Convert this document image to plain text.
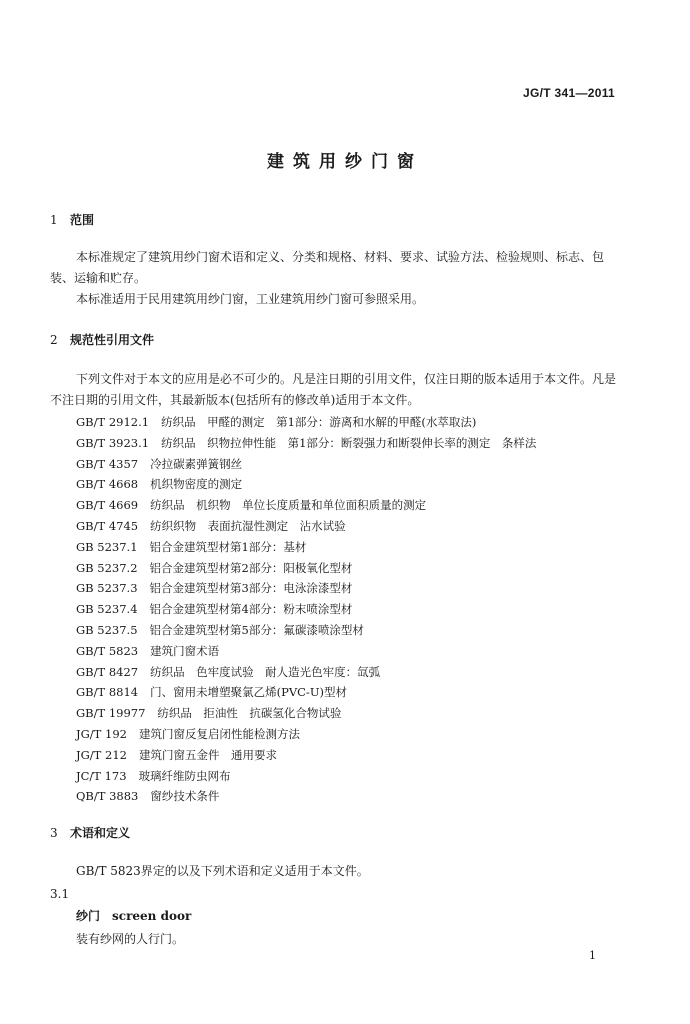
JG/T 341—2011
建筑用纱门窗
1 范围
本标准规定了建筑用纱门窗术语和定义、分类和规格、材料、要求、试验方法、检验规则、标志、包装、运输和贮存。
本标准适用于民用建筑用纱门窗，工业建筑用纱门窗可参照采用。
2 规范性引用文件
下列文件对于本文的应用是必不可少的。凡是注日期的引用文件，仅注日期的版本适用于本文件。凡是不注日期的引用文件，其最新版本(包括所有的修改单)适用于本文件。
GB/T 2912.1 纺织品　甲醛的测定　第1部分：游离和水解的甲醛(水萃取法)
GB/T 3923.1 纺织品　织物拉伸性能　第1部分：断裂强力和断裂伸长率的测定　条样法
GB/T 4357 冷拉碳素弹簧钢丝
GB/T 4668 机织物密度的测定
GB/T 4669 纺织品　机织物　单位长度质量和单位面积质量的测定
GB/T 4745 纺织织物　表面抗湿性测定　沾水试验
GB 5237.1 铝合金建筑型材第1部分：基材
GB 5237.2 铝合金建筑型材第2部分：阳极氧化型材
GB 5237.3 铝合金建筑型材第3部分：电泳涂漆型材
GB 5237.4 铝合金建筑型材第4部分：粉末喷涂型材
GB 5237.5 铝合金建筑型材第5部分：氟碳漆喷涂型材
GB/T 5823 建筑门窗术语
GB/T 8427 纺织品　色牢度试验　耐人造光色牢度：氙弧
GB/T 8814 门、窗用未增塑聚氯乙烯(PVC-U)型材
GB/T 19977 纺织品　拒油性　抗碳氢化合物试验
JG/T 192 建筑门窗反复启闭性能检测方法
JG/T 212 建筑门窗五金件　通用要求
JC/T 173 玻璃纤维防虫网布
QB/T 3883 窗纱技术条件
3 术语和定义
GB/T 5823界定的以及下列术语和定义适用于本文件。
3.1
纱门 screen door
装有纱网的人行门。
1
